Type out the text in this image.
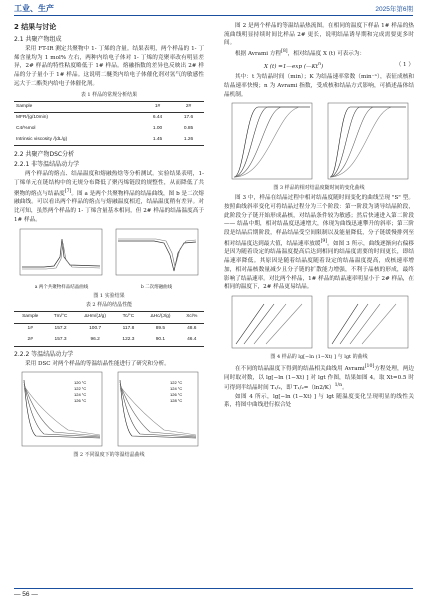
工业、生产	2025年第6期
2 结果与讨论
2.1 共聚产物组成

采用 FT-IR 测定共聚物中 1- 丁烯的含量。结果表明，两个样品的 1- 丁烯含量均为 1 mol% 左右，两种内给电子体对 1- 丁烯的竞聚率改有明显差异，2# 样品的特性粘度略低于 1# 样品。熔融指数的差异也反映出 2# 样品的分子量小于 1# 样品。这说明二醚类内给电子体催化剂对氢气的敏感性远大于二酯类内给电子体催化剂。

表 1 样品的常规分析结果
Sample	1#	2#
MFR/(g/10min)	6.44	17.6
C4/%mol	1.00	0.85
Intrinsic viscosity /(dL/g)	1.45	1.26
2.2 共聚产物DSC分析
2.2.1 非等温结晶动力学

两个样品的熔点、结晶温度和熔融热焓等分析测试。实验结果表明，1- 丁烯单元在链结构中的无规分布降低了聚丙烯链段的规整性，从而降低了共聚物的熔点与结晶度[7]。图 a 是两个共聚物样品的结晶曲线，图 b 是二次熔融曲线。可以看出两个样品的熔点与熔融温度相近，结晶温度稍有差异。对比可知，虽然两个样品的 1- 丁烯含量基本相同，但 2# 样品的结晶温度高于 1# 样品。

a 两个共聚物样品结晶曲线	b 二次熔融曲线
图 1 实验结果
表 2 样品的结晶性能
Sample	Tm/°C	ΔHm/(J/g)	Tc/°C	ΔHc/(J/g)	Xc/%
1#	157.2	100.7	117.8	89.5	48.6
2#	157.3	96.2	122.3	90.1	46.4
2.2.2 等温结晶动力学

采用 DSC 对两个样品的等温结晶性能进行了研究和分析。

120 °C
122 °C
124 °C
126 °C
122 °C
124 °C
126 °C
128 °C
图 2 不同温度下的等温结晶曲线

图 2 是两个样品的等温结晶热流图。在相同的温度下样品 1# 样品的热流曲线明显持续时间比样品 2# 更长，说明结晶诱导期和完成需要更多时间。

根据 Avrami 方程[8]，相对结晶度 X (t) 可表示为：

X (t) =1—exp (—Kt$^n$)	（ 1 ）

其中：t 为结晶时间（min）；K 为结晶速率常数（min⁻ⁿ），表征成核和结晶速率快慢；n 为 Avrami 指数，受成核和结晶方式影响，可描述晶体结晶机制。

图 3 样品的相对结晶度随时间的变化曲线

图 3 中，样品在结晶过程中相对结晶度随时间变化的曲线呈现 "S" 型。按照曲线斜率变化可将结晶过程分为三个阶段：第一阶段为诱导结晶阶段，此阶段分子链开始形成晶核，对结晶条件较为敏感；然后快速进入第二阶段 —— 结晶中期，相对结晶度迅速增大，体现为曲线迅速攀升的斜率；第三阶段是结晶后期阶段，样品结晶受空间限制以及能量降低，分子链缓慢排列至相对结晶度达到最大值，结晶速率放缓[9]。如图 3 所示，曲线逐渐向右偏移是因为随着设定的结晶温度提高后达到相同的结晶度需要的时间更长，即结晶速率降低。其原因是随着结晶度随着设定的结晶温度提高，成核速率增加，相对晶核数量减少且分子链的扩散能力增强，不利于晶核的形成，最终影响了结晶速率。对比两个样品，1# 样品的结晶速率明显小于 2# 样品，在相同的温度下，2# 样品更易结晶。

图 4 样品的 lg[−ln (1−Xt) ] 与 lgt 的曲线

在不同的结晶温度下得到的结晶相关曲线用 Avrami[10]方程处理，两边同时取对数，以 lg[−ln (1−Xt) ] 对 lgt 作图，结果如图 4。取 Xt=0.5 时可得到半结晶时间 T₁/₂，即 $T_1/_2=(\ln 2/K)^{1/n}$。

如图 4 所示，lg[−ln (1−Xt) ] 与 lgt 随温度变化呈现明显的线性关系，将图中曲线进行拟合处

— 56 —
